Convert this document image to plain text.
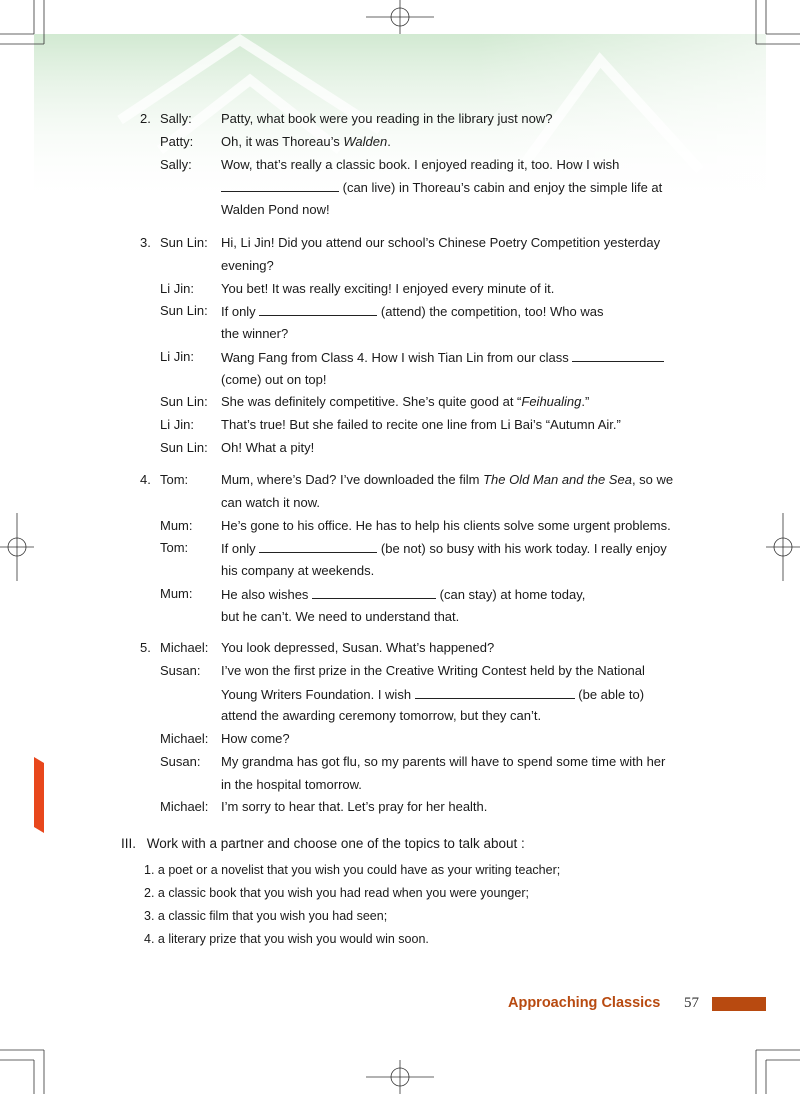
2. Sally: Patty, what book were you reading in the library just now?
Patty: Oh, it was Thoreau’s Walden.
Sally: Wow, that’s really a classic book. I enjoyed reading it, too. How I wish
(can live) in Thoreau’s cabin and enjoy the simple life at
Walden Pond now!
3. Sun Lin: Hi, Li Jin! Did you attend our school’s Chinese Poetry Competition yesterday
evening?
Li Jin: You bet! It was really exciting! I enjoyed every minute of it.
Sun Lin: If only	(attend) the competition, too! Who was
the winner?
Li Jin: Wang Fang from Class 4. How I wish Tian Lin from our class
(come) out on top!
Sun Lin: She was definitely competitive. She’s quite good at “Feihualing.”
Li Jin: That’s true! But she failed to recite one line from Li Bai’s “Autumn Air.”
Sun Lin: Oh! What a pity!
4. Tom:	Mum, where’s Dad? I’ve downloaded the film The Old Man and the Sea, so we
can watch it now.
Mum: He’s gone to his office. He has to help his clients solve some urgent problems.
Tom:	If only	(be not) so busy with his work today. I really enjoy
his company at weekends.
Mum: He also wishes	(can stay) at home today,
but he can’t. We need to understand that.
5. Michael: You look depressed, Susan. What’s happened?
Susan: I’ve won the first prize in the Creative Writing Contest held by the National
Young Writers Foundation. I wish	(be able to)
attend the awarding ceremony tomorrow, but they can’t.
Michael: How come?
Susan: My grandma has got flu, so my parents will have to spend some time with her
in the hospital tomorrow.
Michael: I’m sorry to hear that. Let’s pray for her health.
III. Work with a partner and choose one of the topics to talk about :
1. a poet or a novelist that you wish you could have as your writing teacher;
2. a classic book that you wish you had read when you were younger;
3. a classic film that you wish you had seen;
4. a literary prize that you wish you would win soon.
Approaching Classics 57
